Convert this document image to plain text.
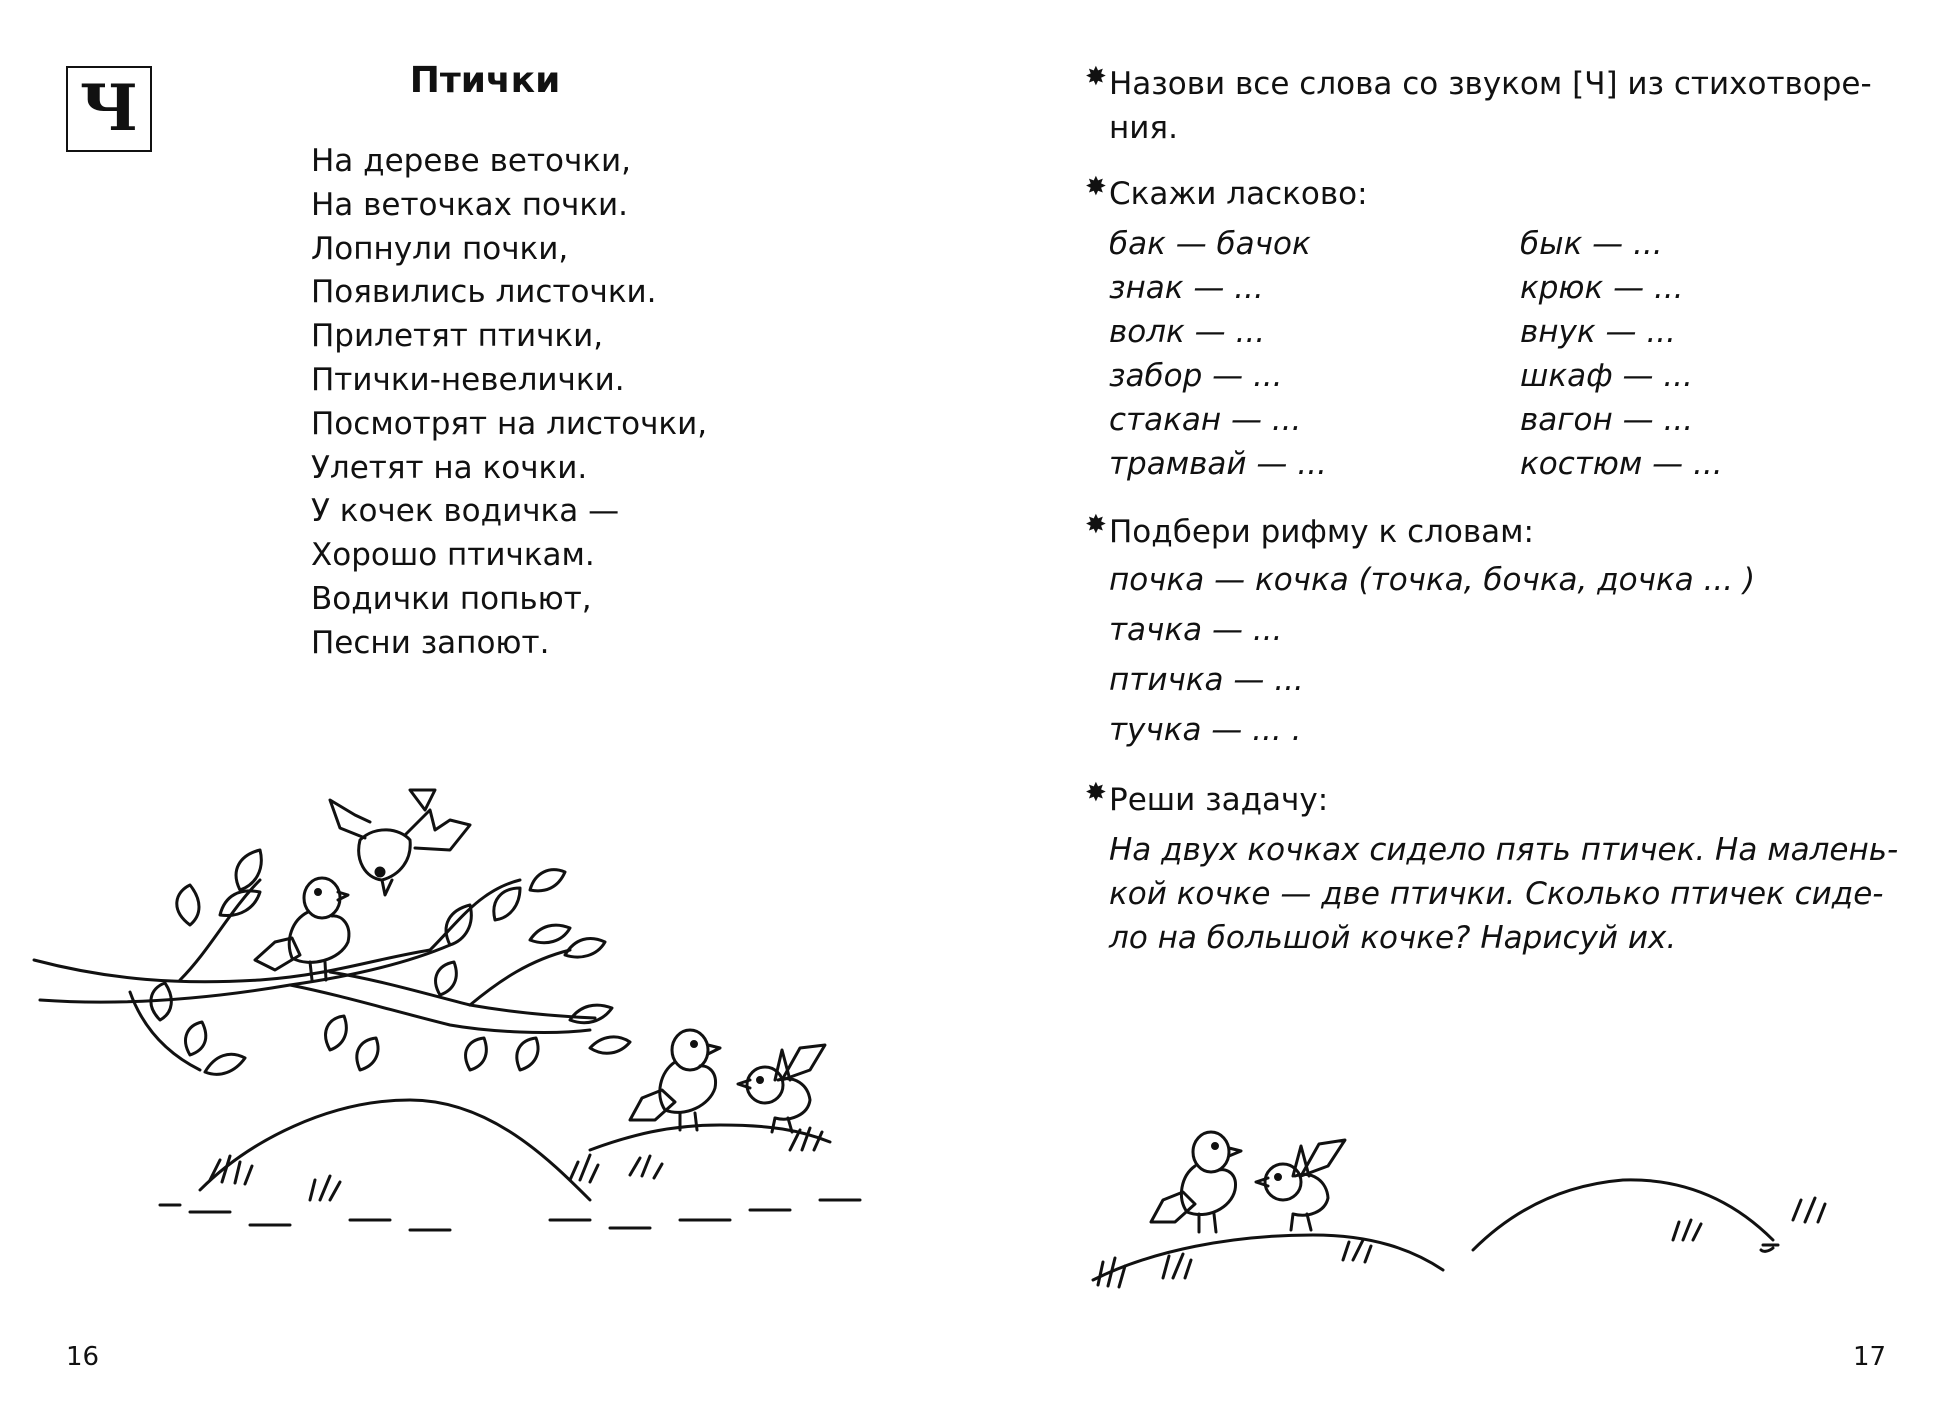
Ч	Птички
На дереве веточки,
На веточках почки.
Лопнули почки,
Появились листочки.
Прилетят птички,
Птички-невелички.
Посмотрят на листочки,
Улетят на кочки.
У кочек водичка —
Хорошо птичкам.
Водички попьют,
Песни запоют.
16
✸ Назови все слова со звуком [Ч] из стихотворе-
ния.
✸ Скажи ласково:
бак — бачок
знак — ...
волк — ...
забор — ...
стакан — ...
трамвай — ...
бык — ...
крюк — ...
внук — ...
шкаф — ...
вагон — ...
костюм — ...
✸ Подбери рифму к словам:
почка — кочка (точка, бочка, дочка ... )
тачка — ...
птичка — ...
тучка — ... .
✸ Реши задачу:
На двух кочках сидело пять птичек. На малень-
кой кочке — две птички. Сколько птичек сиде-
ло на большой кочке? Нарисуй их.
17
